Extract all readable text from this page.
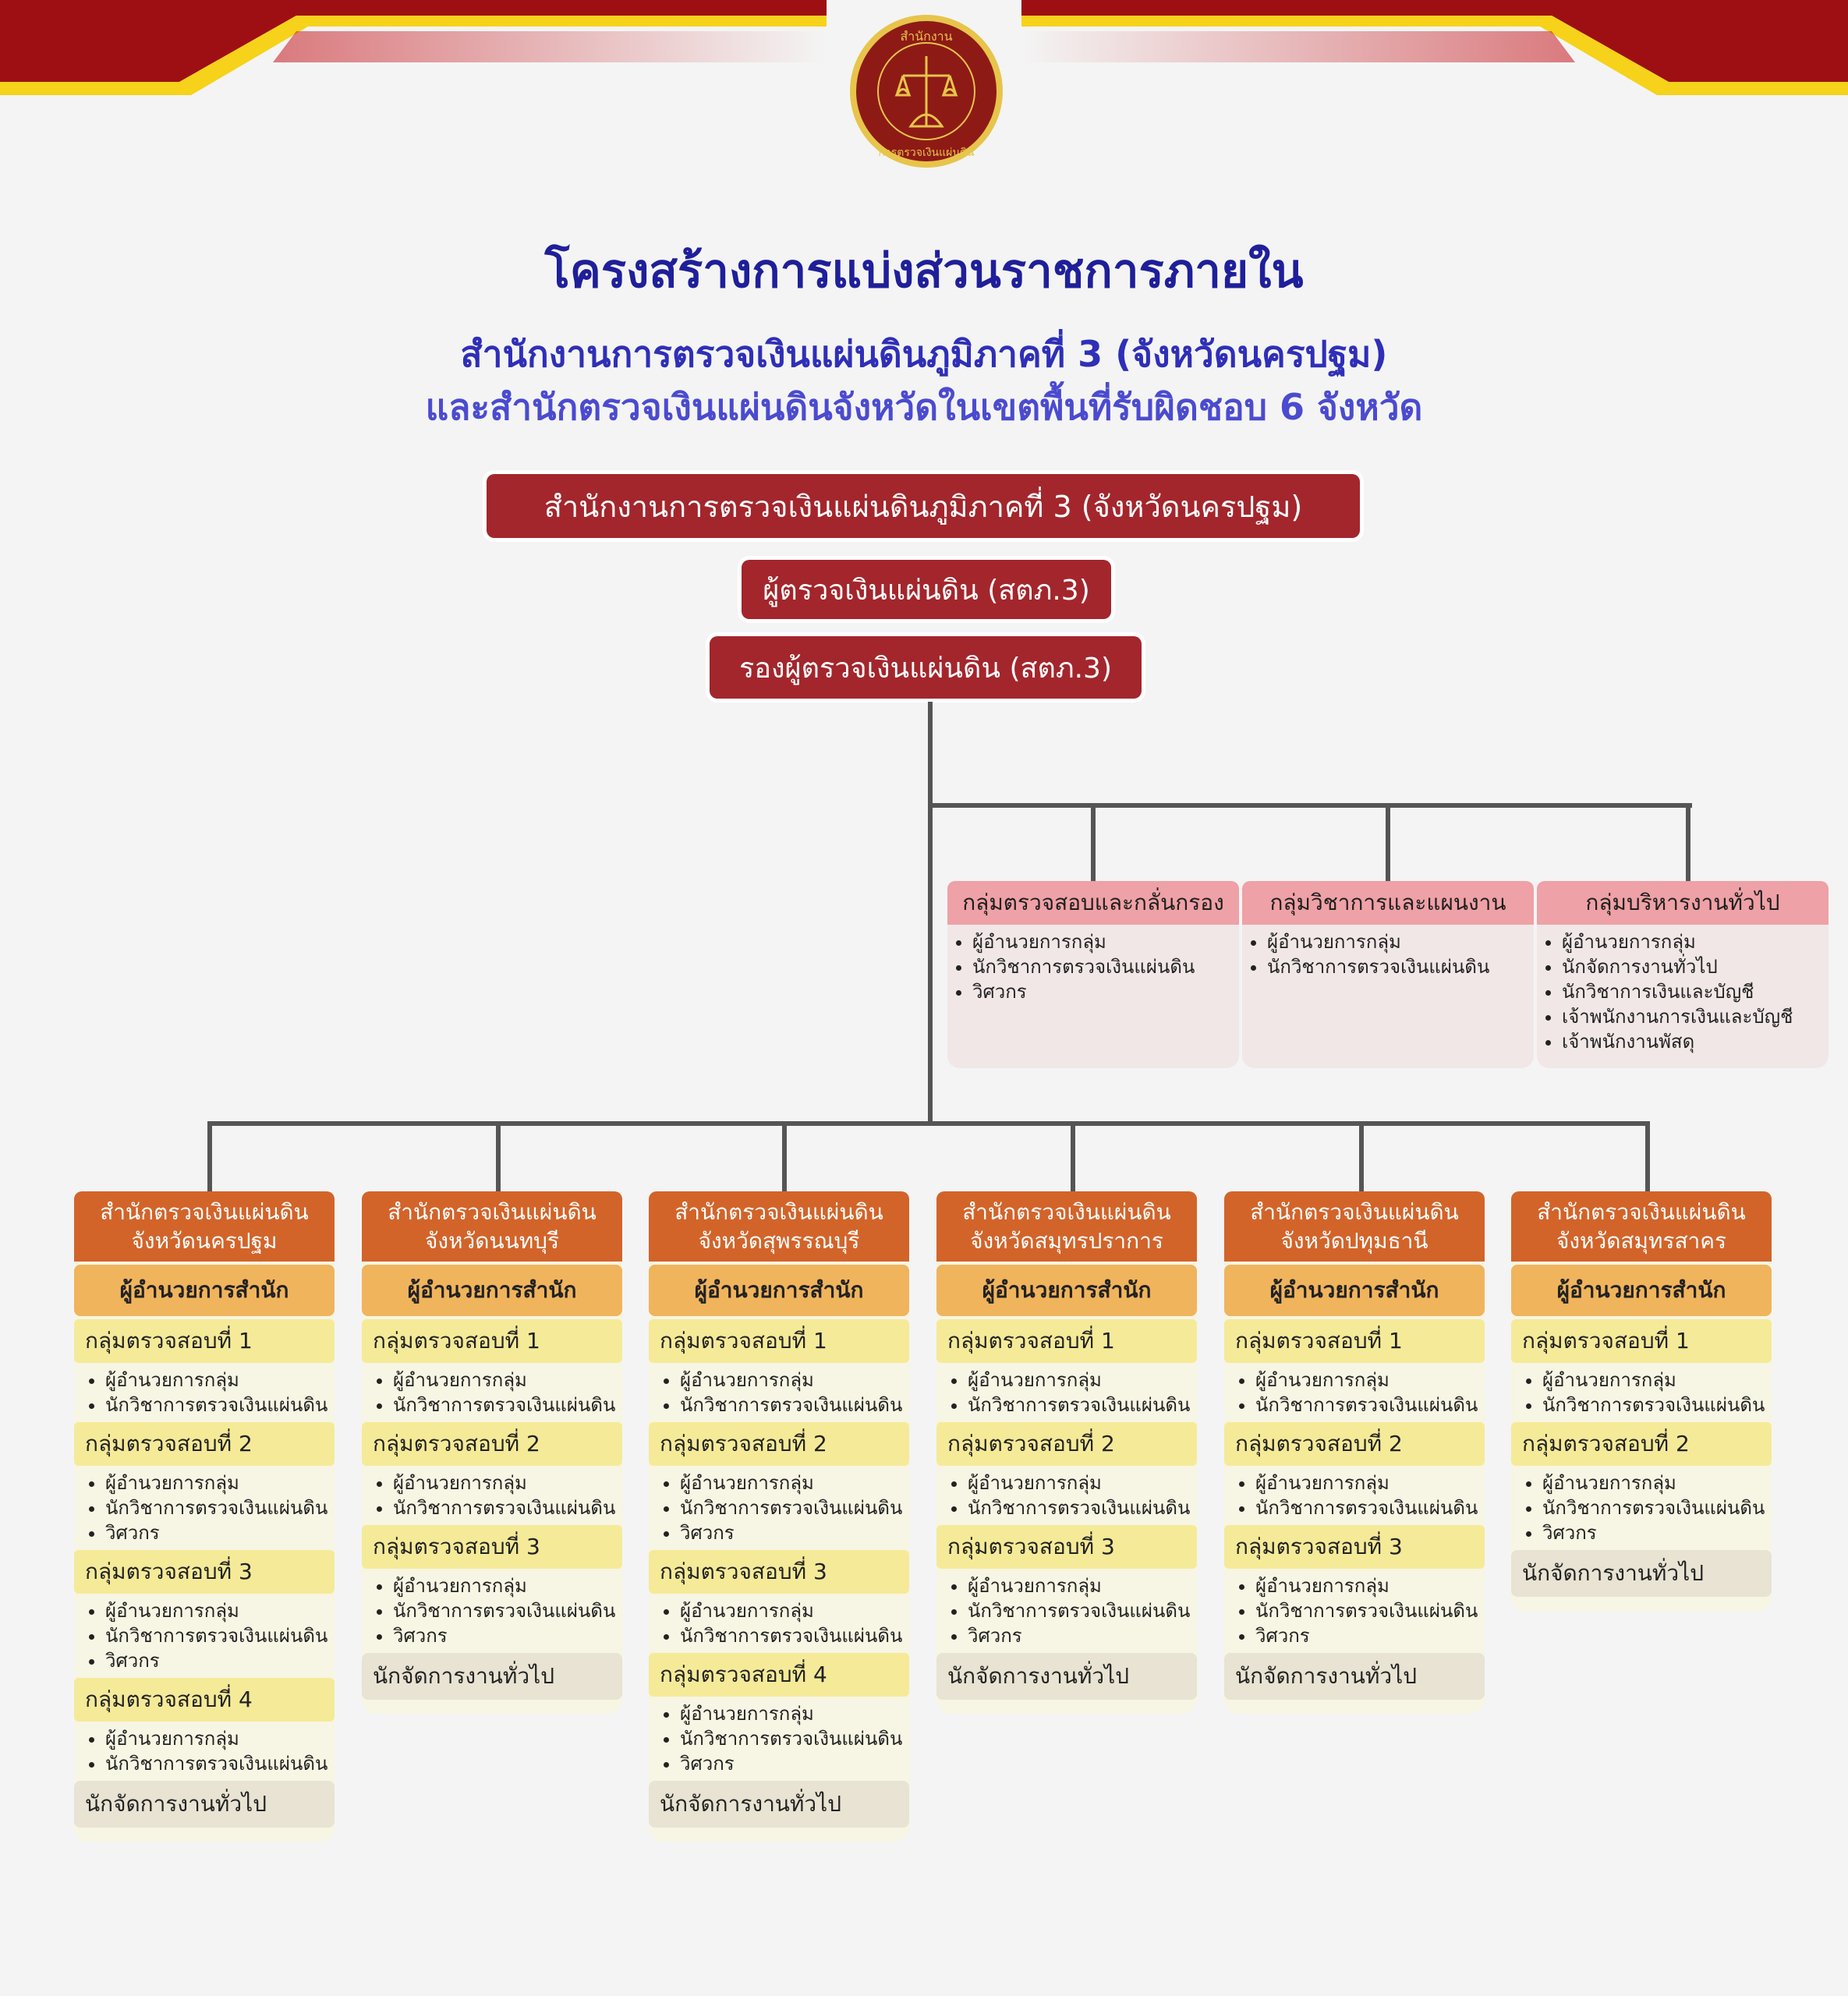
สำนักงาน
การตรวจเงินแผ่นดิน
โครงสร้างการแบ่งส่วนราชการภายใน
สำนักงานการตรวจเงินแผ่นดินภูมิภาคที่ 3 (จังหวัดนครปฐม)
และสำนักตรวจเงินแผ่นดินจังหวัดในเขตพื้นที่รับผิดชอบ 6 จังหวัด
สำนักงานการตรวจเงินแผ่นดินภูมิภาคที่ 3 (จังหวัดนครปฐม)
ผู้ตรวจเงินแผ่นดิน (สตภ.3)
รองผู้ตรวจเงินแผ่นดิน (สตภ.3)
กลุ่มตรวจสอบและกลั่นกรอง
• ผู้อำนวยการกลุ่ม
• นักวิชาการตรวจเงินแผ่นดิน
• วิศวกร
กลุ่มวิชาการและแผนงาน
• ผู้อำนวยการกลุ่ม
• นักวิชาการตรวจเงินแผ่นดิน
กลุ่มบริหารงานทั่วไป
• ผู้อำนวยการกลุ่ม
• นักจัดการงานทั่วไป
• นักวิชาการเงินและบัญชี
• เจ้าพนักงานการเงินและบัญชี
• เจ้าพนักงานพัสดุ
สำนักตรวจเงินแผ่นดิน
จังหวัดนครปฐม
ผู้อำนวยการสำนัก
กลุ่มตรวจสอบที่ 1
• ผู้อำนวยการกลุ่ม
• นักวิชาการตรวจเงินแผ่นดิน
กลุ่มตรวจสอบที่ 2
• ผู้อำนวยการกลุ่ม
• นักวิชาการตรวจเงินแผ่นดิน
• วิศวกร
กลุ่มตรวจสอบที่ 3
• ผู้อำนวยการกลุ่ม
• นักวิชาการตรวจเงินแผ่นดิน
• วิศวกร
กลุ่มตรวจสอบที่ 4
• ผู้อำนวยการกลุ่ม
• นักวิชาการตรวจเงินแผ่นดิน
นักจัดการงานทั่วไป
สำนักตรวจเงินแผ่นดิน
จังหวัดนนทบุรี
ผู้อำนวยการสำนัก
กลุ่มตรวจสอบที่ 1
• ผู้อำนวยการกลุ่ม
• นักวิชาการตรวจเงินแผ่นดิน
กลุ่มตรวจสอบที่ 2
• ผู้อำนวยการกลุ่ม
• นักวิชาการตรวจเงินแผ่นดิน
กลุ่มตรวจสอบที่ 3
• ผู้อำนวยการกลุ่ม
• นักวิชาการตรวจเงินแผ่นดิน
• วิศวกร
นักจัดการงานทั่วไป
สำนักตรวจเงินแผ่นดิน
จังหวัดสุพรรณบุรี
ผู้อำนวยการสำนัก
กลุ่มตรวจสอบที่ 1
• ผู้อำนวยการกลุ่ม
• นักวิชาการตรวจเงินแผ่นดิน
กลุ่มตรวจสอบที่ 2
• ผู้อำนวยการกลุ่ม
• นักวิชาการตรวจเงินแผ่นดิน
• วิศวกร
กลุ่มตรวจสอบที่ 3
• ผู้อำนวยการกลุ่ม
• นักวิชาการตรวจเงินแผ่นดิน
กลุ่มตรวจสอบที่ 4
• ผู้อำนวยการกลุ่ม
• นักวิชาการตรวจเงินแผ่นดิน
• วิศวกร
นักจัดการงานทั่วไป
สำนักตรวจเงินแผ่นดิน
จังหวัดสมุทรปราการ
ผู้อำนวยการสำนัก
กลุ่มตรวจสอบที่ 1
• ผู้อำนวยการกลุ่ม
• นักวิชาการตรวจเงินแผ่นดิน
กลุ่มตรวจสอบที่ 2
• ผู้อำนวยการกลุ่ม
• นักวิชาการตรวจเงินแผ่นดิน
กลุ่มตรวจสอบที่ 3
• ผู้อำนวยการกลุ่ม
• นักวิชาการตรวจเงินแผ่นดิน
• วิศวกร
นักจัดการงานทั่วไป
สำนักตรวจเงินแผ่นดิน
จังหวัดปทุมธานี
ผู้อำนวยการสำนัก
กลุ่มตรวจสอบที่ 1
• ผู้อำนวยการกลุ่ม
• นักวิชาการตรวจเงินแผ่นดิน
กลุ่มตรวจสอบที่ 2
• ผู้อำนวยการกลุ่ม
• นักวิชาการตรวจเงินแผ่นดิน
กลุ่มตรวจสอบที่ 3
• ผู้อำนวยการกลุ่ม
• นักวิชาการตรวจเงินแผ่นดิน
• วิศวกร
นักจัดการงานทั่วไป
สำนักตรวจเงินแผ่นดิน
จังหวัดสมุทรสาคร
ผู้อำนวยการสำนัก
กลุ่มตรวจสอบที่ 1
• ผู้อำนวยการกลุ่ม
• นักวิชาการตรวจเงินแผ่นดิน
กลุ่มตรวจสอบที่ 2
• ผู้อำนวยการกลุ่ม
• นักวิชาการตรวจเงินแผ่นดิน
• วิศวกร
นักจัดการงานทั่วไป
